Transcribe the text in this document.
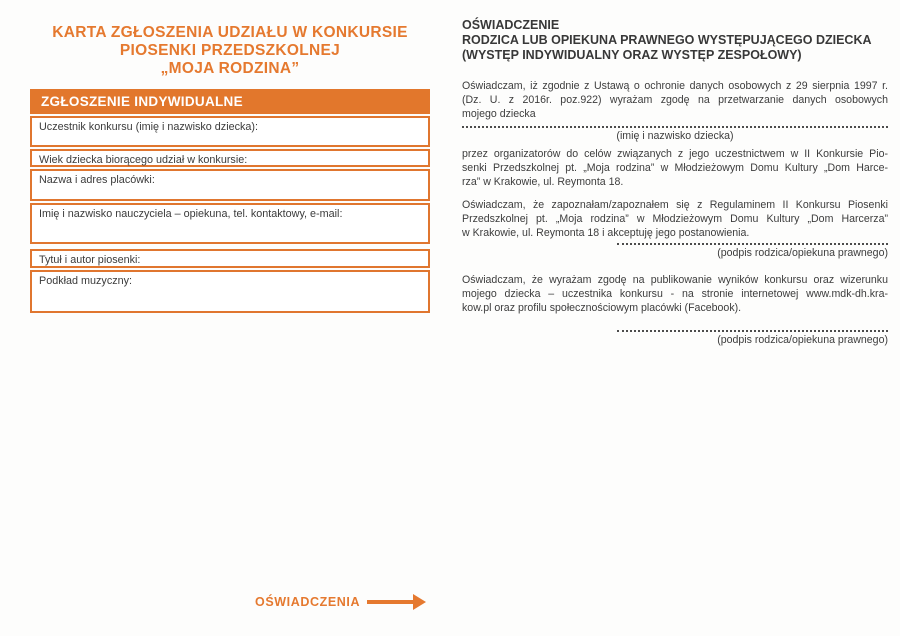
KARTA ZGŁOSZENIA UDZIAŁU W KONKURSIE
PIOSENKI PRZEDSZKOLNEJ
„MOJA RODZINA”
ZGŁOSZENIE INDYWIDUALNE
Uczestnik konkursu (imię i nazwisko dziecka):
Wiek dziecka biorącego udział w konkursie:
Nazwa i adres placówki:
Imię i nazwisko nauczyciela – opiekuna, tel. kontaktowy, e-mail:
Tytuł i autor piosenki:
Podkład muzyczny:
OŚWIADCZENIE
RODZICA LUB OPIEKUNA PRAWNEGO WYSTĘPUJĄCEGO DZIECKA
(WYSTĘP INDYWIDUALNY ORAZ WYSTĘP ZESPOŁOWY)
Oświadczam, iż zgodnie z Ustawą o ochronie danych osobowych z 29 sierpnia 1997 r.
(Dz. U. z 2016r. poz.922) wyrażam zgodę na przetwarzanie danych osobowych
mojego dziecka
(imię i nazwisko dziecka)
przez organizatorów do celów związanych z jego uczestnictwem w II Konkursie Pio-
senki Przedszkolnej pt. „Moja rodzina” w Młodzieżowym Domu Kultury „Dom Harce-
rza” w Krakowie, ul. Reymonta 18.
Oświadczam, że zapoznałam/zapoznałem się z Regulaminem II Konkursu Piosenki
Przedszkolnej pt. „Moja rodzina” w Młodzieżowym Domu Kultury „Dom Harcerza”
w Krakowie, ul. Reymonta 18 i akceptuję jego postanowienia.
(podpis rodzica/opiekuna prawnego)
Oświadczam, że wyrażam zgodę na publikowanie wyników konkursu oraz wizerunku
mojego dziecka – uczestnika konkursu - na stronie internetowej www.mdk-dh.kra-
kow.pl oraz profilu społecznościowym placówki (Facebook).
(podpis rodzica/opiekuna prawnego)
OŚWIADCZENIA
